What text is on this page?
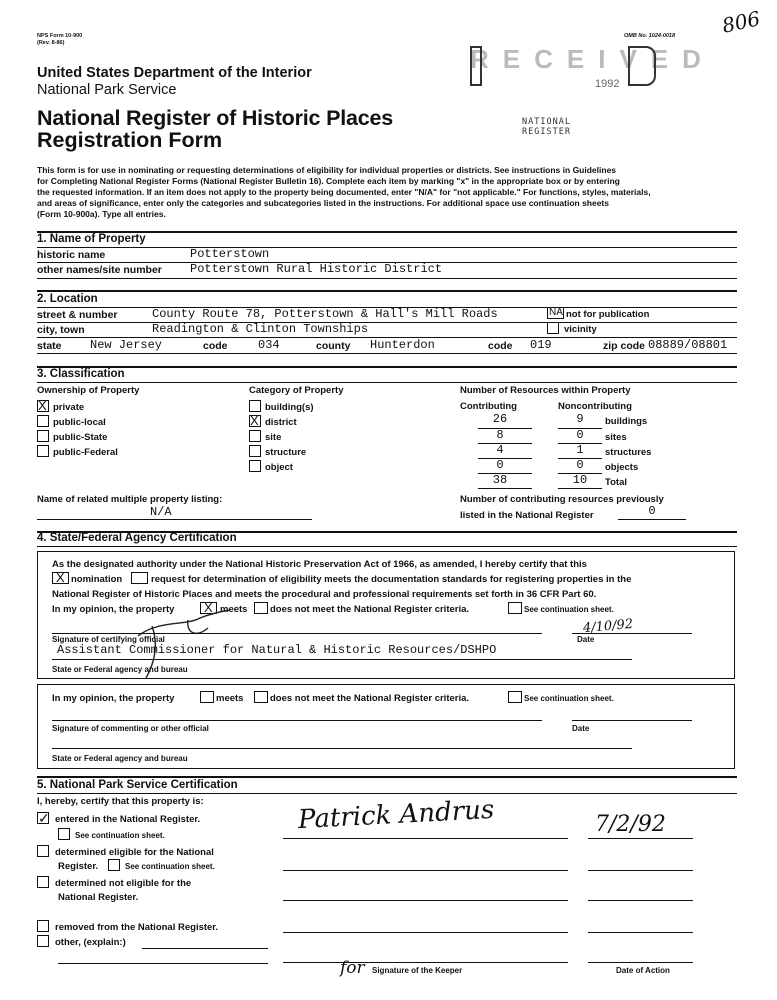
NPS Form 10-900
(Rev. 8-86)
OMB No. 1024-0018 806
United States Department of the Interior
National Park Service
National Register of Historic Places
Registration Form
RECEIVED
1992
NATIONAL REGISTER
This form is for use in nominating or requesting determinations of eligibility for individual properties or districts. See instructions in Guidelines
for Completing National Register Forms (National Register Bulletin 16). Complete each item by marking "x" in the appropriate box or by entering
the requested information. If an item does not apply to the property being documented, enter "N/A" for "not applicable." For functions, styles, materials,
and areas of significance, enter only the categories and subcategories listed in the instructions. For additional space use continuation sheets
(Form 10-900a). Type all entries.
1. Name of Property
historic name	Potterstown
other names/site number Potterstown Rural Historic District
2. Location
street & number	County Route 78, Potterstown & Hall's Mill Roads	NA not for publication
city, town	Readington & Clinton Townships	vicinity
state New Jersey	code	034	county Hunterdon	code 019	zip code 08889/08801
3. Classification
Ownership of Property	Category of Property	Number of Resources within Property
Contributing	Noncontributing
X private
public-local
public-State
public-Federal
building(s)
X district
site
structure
object
26	9	buildings
8	0	sites
4	1	structures
0	0	objects
38	10	Total
Name of related multiple property listing:
N/A
Number of contributing resources previously
listed in the National Register	0
4. State/Federal Agency Certification
As the designated authority under the National Historic Preservation Act of 1966, as amended, I hereby certify that this
X nomination	request for determination of eligibility meets the documentation standards for registering properties in the
National Register of Historic Places and meets the procedural and professional requirements set forth in 36 CFR Part 60.
In my opinion, the property X meets does not meet the National Register criteria.	See continuation sheet.
4/10/92
Signature of certifying official	Date
Assistant Commissioner for Natural & Historic Resources/DSHPO
State or Federal agency and bureau
In my opinion, the property	meets	does not meet the National Register criteria.	See continuation sheet.
Signature of commenting or other official	Date
State or Federal agency and bureau
5. National Park Service Certification
I, hereby, certify that this property is:
✓ entered in the National Register.
See continuation sheet.
determined eligible for the National
Register.	See continuation sheet.
determined not eligible for the
National Register.
removed from the National Register.
other, (explain:)
Patrick Andrus	7/2/92
for Signature of the Keeper	Date of Action
